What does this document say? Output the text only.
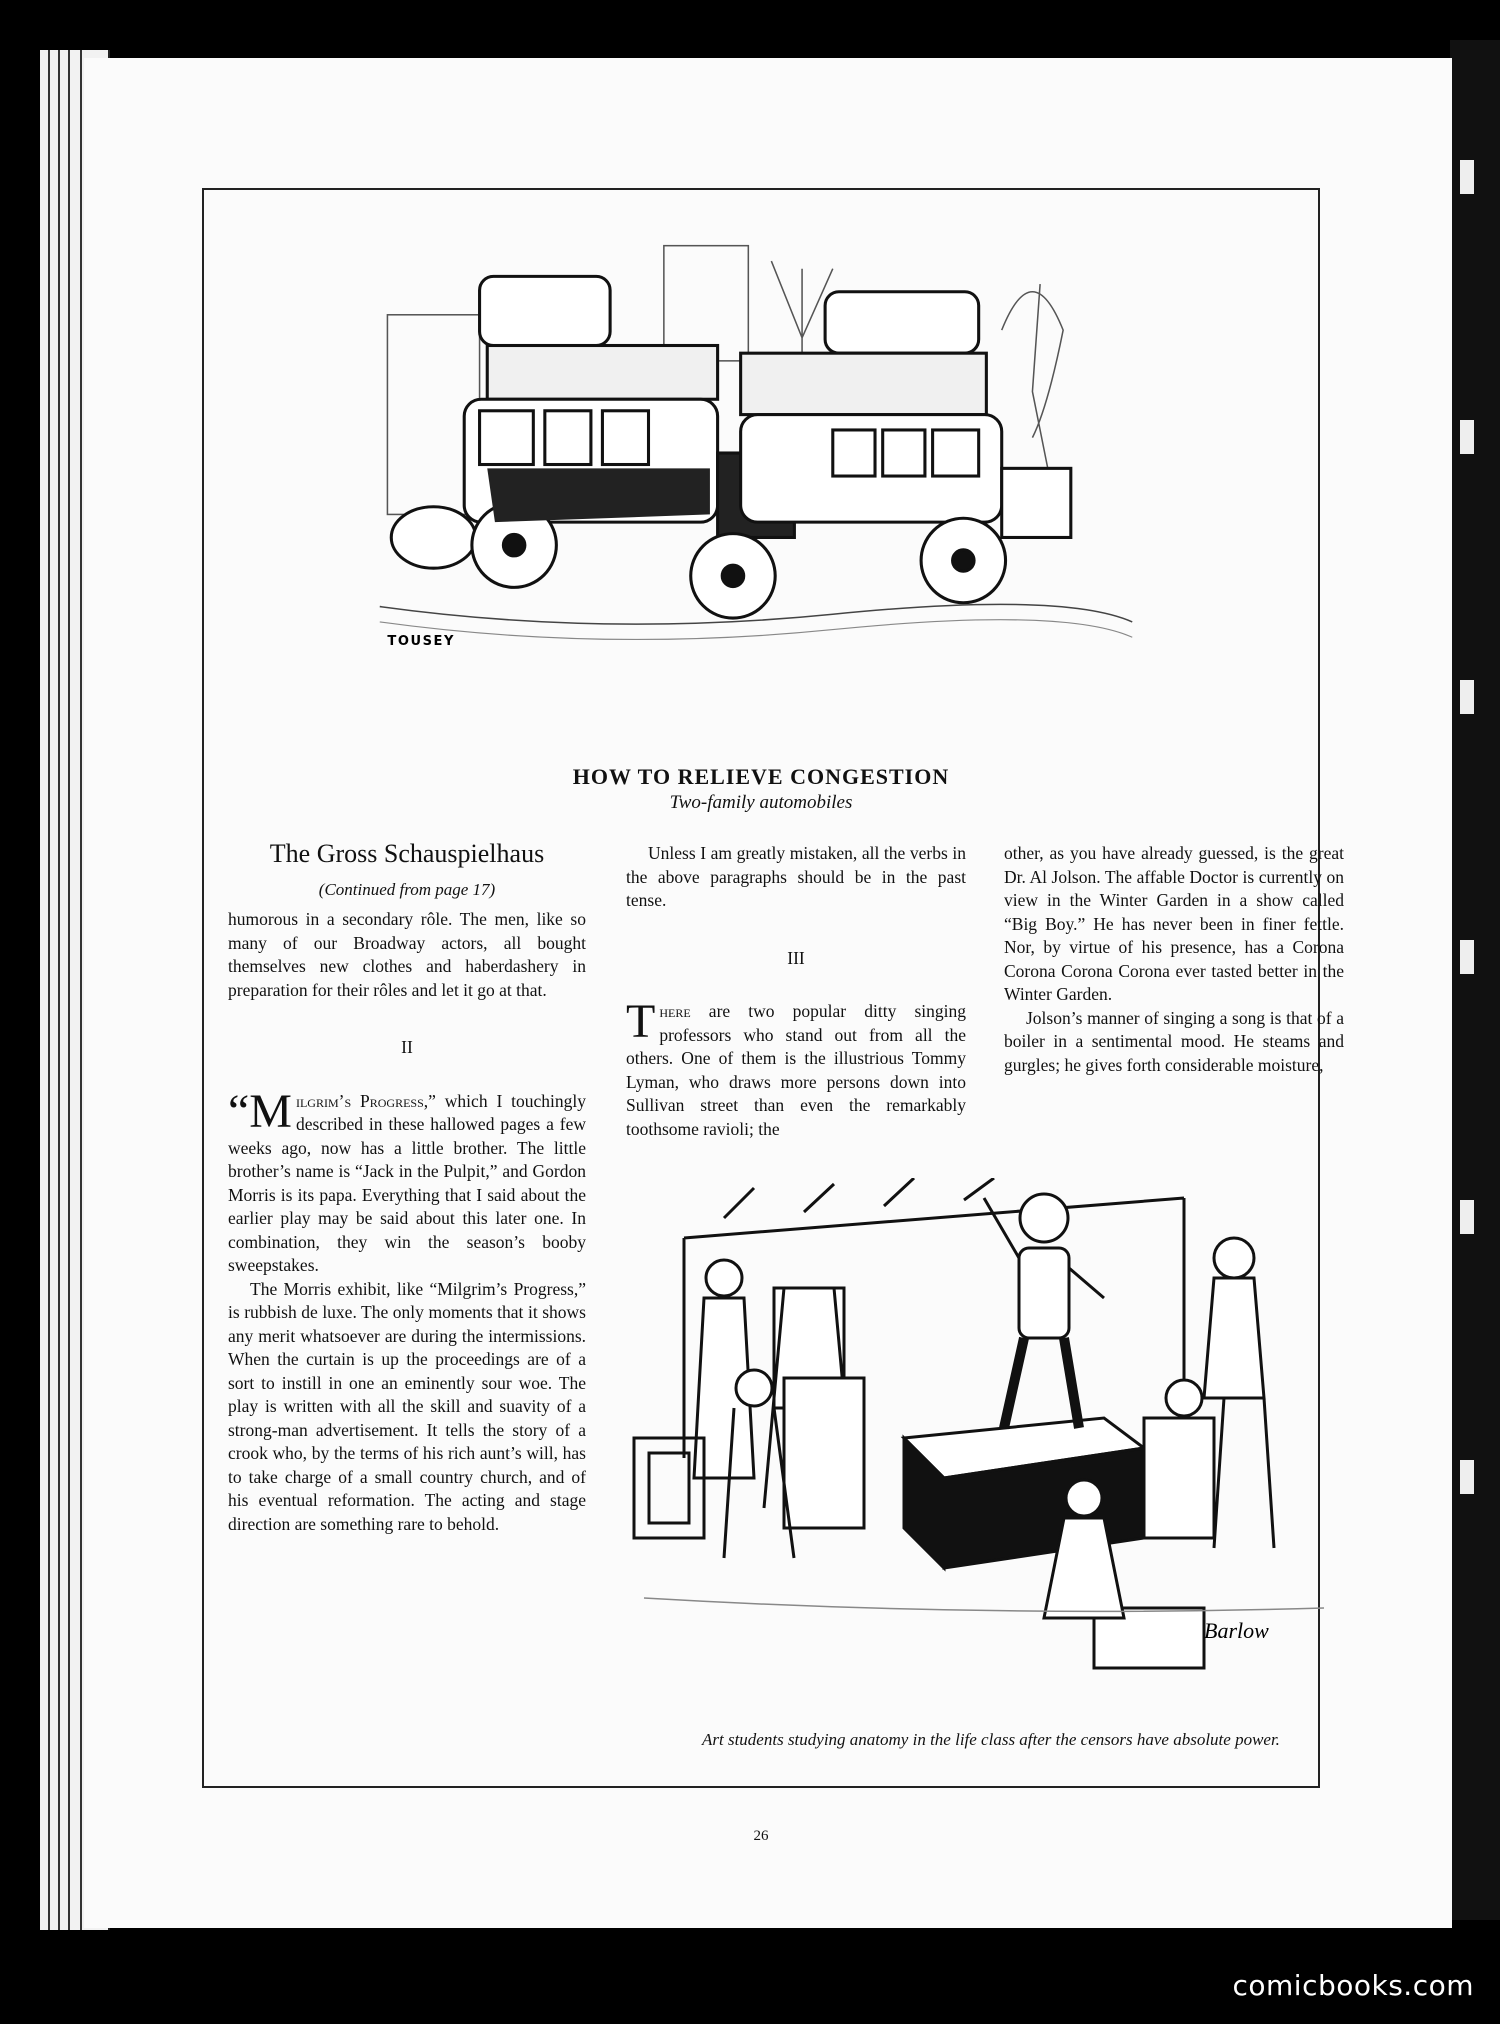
TOUSEY
HOW TO RELIEVE CONGESTION
Two-family automobiles
The Gross Schauspielhaus
(Continued from page 17)

humorous in a secondary rôle. The men, like so many of our Broadway actors, all bought themselves new clothes and haberdashery in preparation for their rôles and let it go at that.

II

“Milgrim’s Progress,” which I touchingly described in these hallowed pages a few weeks ago, now has a little brother. The little brother’s name is “Jack in the Pulpit,” and Gordon Morris is its papa. Everything that I said about the earlier play may be said about this later one. In combination, they win the season’s booby sweepstakes.

The Morris exhibit, like “Milgrim’s Progress,” is rubbish de luxe. The only moments that it shows any merit whatsoever are during the intermissions. When the curtain is up the proceedings are of a sort to instill in one an eminently sour woe. The play is written with all the skill and suavity of a strong-man advertisement. It tells the story of a crook who, by the terms of his rich aunt’s will, has to take charge of a small country church, and of his eventual reformation. The acting and stage direction are something rare to behold.

Unless I am greatly mistaken, all the verbs in the above paragraphs should be in the past tense.

III

There are two popular ditty singing professors who stand out from all the others. One of them is the illustrious Tommy Lyman, who draws more persons down into Sullivan street than even the remarkably toothsome ravioli; the

other, as you have already guessed, is the great Dr. Al Jolson. The affable Doctor is currently on view in the Winter Garden in a show called “Big Boy.” He has never been in finer fettle. Nor, by virtue of his presence, has a Corona Corona Corona Corona ever tasted better in the Winter Garden.

Jolson’s manner of singing a song is that of a boiler in a sentimental mood. He steams and gurgles; he gives forth considerable moisture,

Barlow
Art students studying anatomy in the life class after the censors have absolute power.
26
comicbooks.com
